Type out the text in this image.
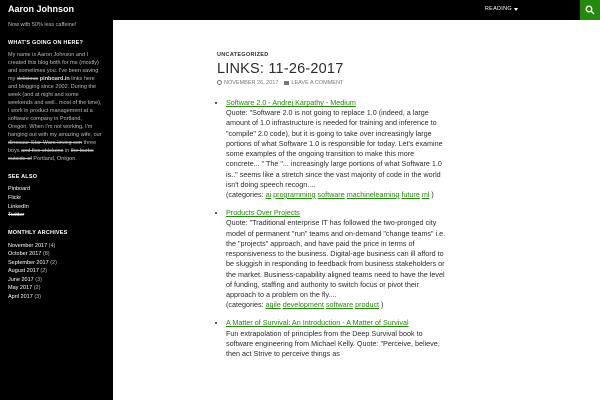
Aaron Johnson	READING
Now with 50% less caffeine!
WHAT'S GOING ON HERE?
My name is Aaron Johnson and I created this blog both for me (mostly) and sometimes you. I've been saving my delicious pinboard.in links here and blogging since 2002. During the week (and at night and some weekends and well.. most of the time), I work in product management at a software company in Portland, Oregon. When I'm not working, I'm hanging out with my amazing wife, our dinosaur-Star-Wars-loving son three boys and five chickens in the burbs outside of Portland, Oregon.
SEE ALSO
Pinboard
Flickr
LinkedIn
Twitter
MONTHLY ARCHIVES
November 2017 (4)
October 2017 (8)
September 2017 (2)
August 2017 (2)
June 2017 (3)
May 2017 (2)
April 2017 (3)
UNCATEGORIZED
LINKS: 11-26-2017
NOVEMBER 26, 2017	LEAVE A COMMENT
• Software 2.0 - Andrej Karpathy - Medium
Quote: "Software 2.0 is not going to replace 1.0 (indeed, a large amount of 1.0 infrastructure is needed for training and inference to "compile" 2.0 code), but it is going to take over increasingly large portions of what Software 1.0 is responsible for today. Let's examine some examples of the ongoing transition to make this more concrete... " The "... increasingly large portions of what Software 1.0 is.." seems like a stretch since the vast majority of code in the world isn't doing speech recogn....
(categories: ai programming software machinelearning future ml )
• Products Over Projects
Quote: "Traditional enterprise IT has followed the two-pronged city model of permanent "run" teams and on-demand "change teams" i.e. the "projects" approach, and have paid the price in terms of responsiveness to the business. Digital-age business can ill afford to be sluggish in responding to feedback from business stakeholders or the market. Business-capability aligned teams need to have the level of funding, staffing and authority to switch focus or pivot their approach to a problem on the fly....
(categories: agile development software product )
• A Matter of Survival: An Introduction - A Matter of Survival
Fun extrapolation of principles from the Deep Survival book to software engineering from Michael Kelly. Quote: "Perceive, believe, then act Strive to perceive things as
